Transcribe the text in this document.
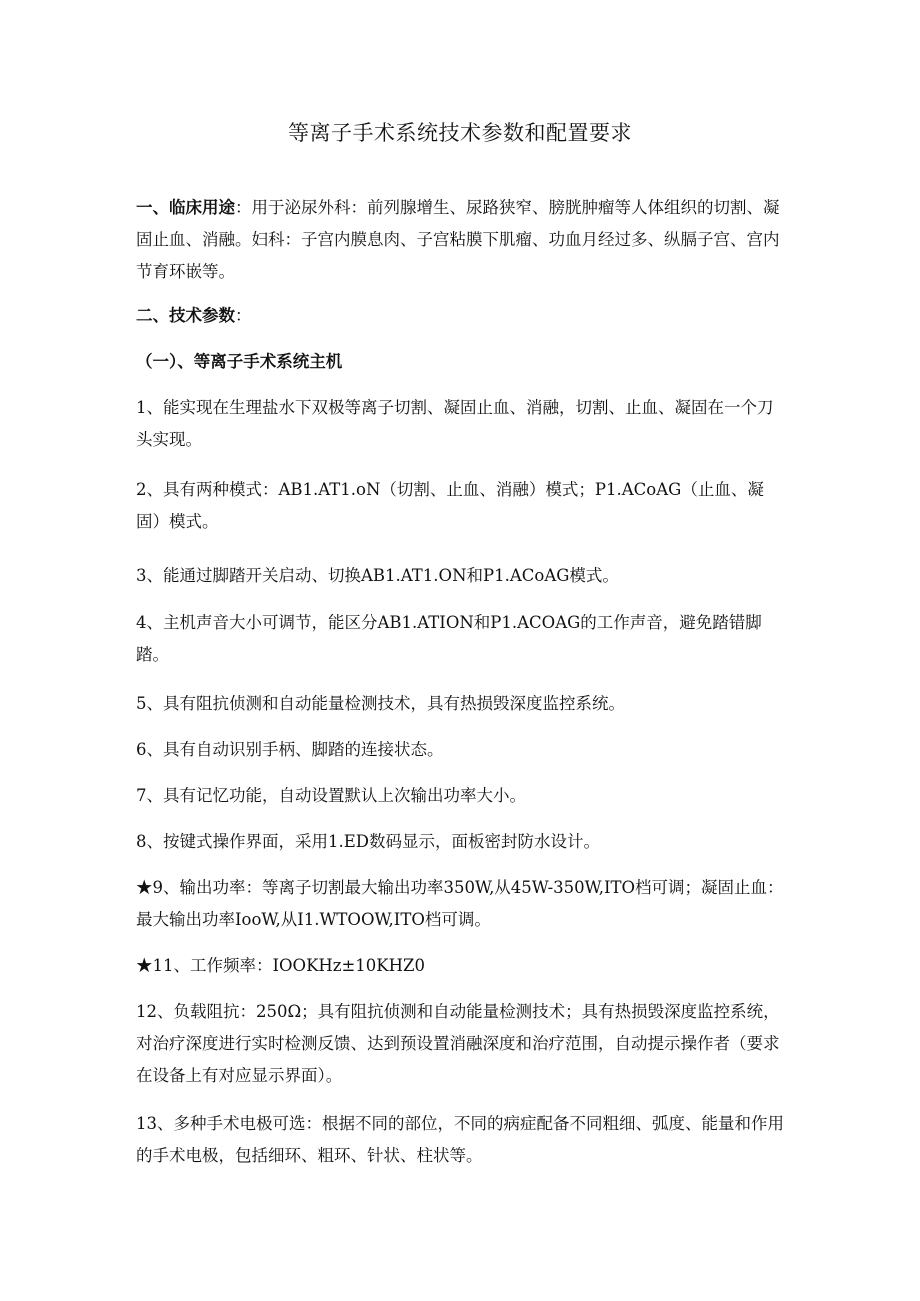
等离子手术系统技术参数和配置要求

一、临床用途：用于泌尿外科：前列腺增生、尿路狭窄、膀胱肿瘤等人体组织的切割、凝固止血、消融。妇科：子宫内膜息肉、子宫粘膜下肌瘤、功血月经过多、纵膈子宫、宫内节育环嵌等。

二、技术参数：

（一）、等离子手术系统主机

1、能实现在生理盐水下双极等离子切割、凝固止血、消融，切割、止血、凝固在一个刀头实现。

2、具有两种模式：AB1.AT1.oN（切割、止血、消融）模式；P1.ACoAG（止血、凝固）模式。

3、能通过脚踏开关启动、切换AB1.AT1.ON和P1.ACoAG模式。

4、主机声音大小可调节，能区分AB1.ATION和P1.ACOAG的工作声音，避免踏错脚踏。

5、具有阻抗侦测和自动能量检测技术，具有热损毁深度监控系统。

6、具有自动识别手柄、脚踏的连接状态。

7、具有记忆功能，自动设置默认上次输出功率大小。

8、按键式操作界面，采用1.ED数码显示，面板密封防水设计。

★9、输出功率：等离子切割最大输出功率350W,从45W-350W,ITO档可调；凝固止血：最大输出功率IooW,从I1.WTOOW,ITO档可调。

★11、工作频率：IOOKHz±10KHZ0

12、负载阻抗：250Ω；具有阻抗侦测和自动能量检测技术；具有热损毁深度监控系统，对治疗深度进行实时检测反馈、达到预设置消融深度和治疗范围，自动提示操作者（要求在设备上有对应显示界面）。

13、多种手术电极可选：根据不同的部位，不同的病症配备不同粗细、弧度、能量和作用的手术电极，包括细环、粗环、针状、柱状等。
